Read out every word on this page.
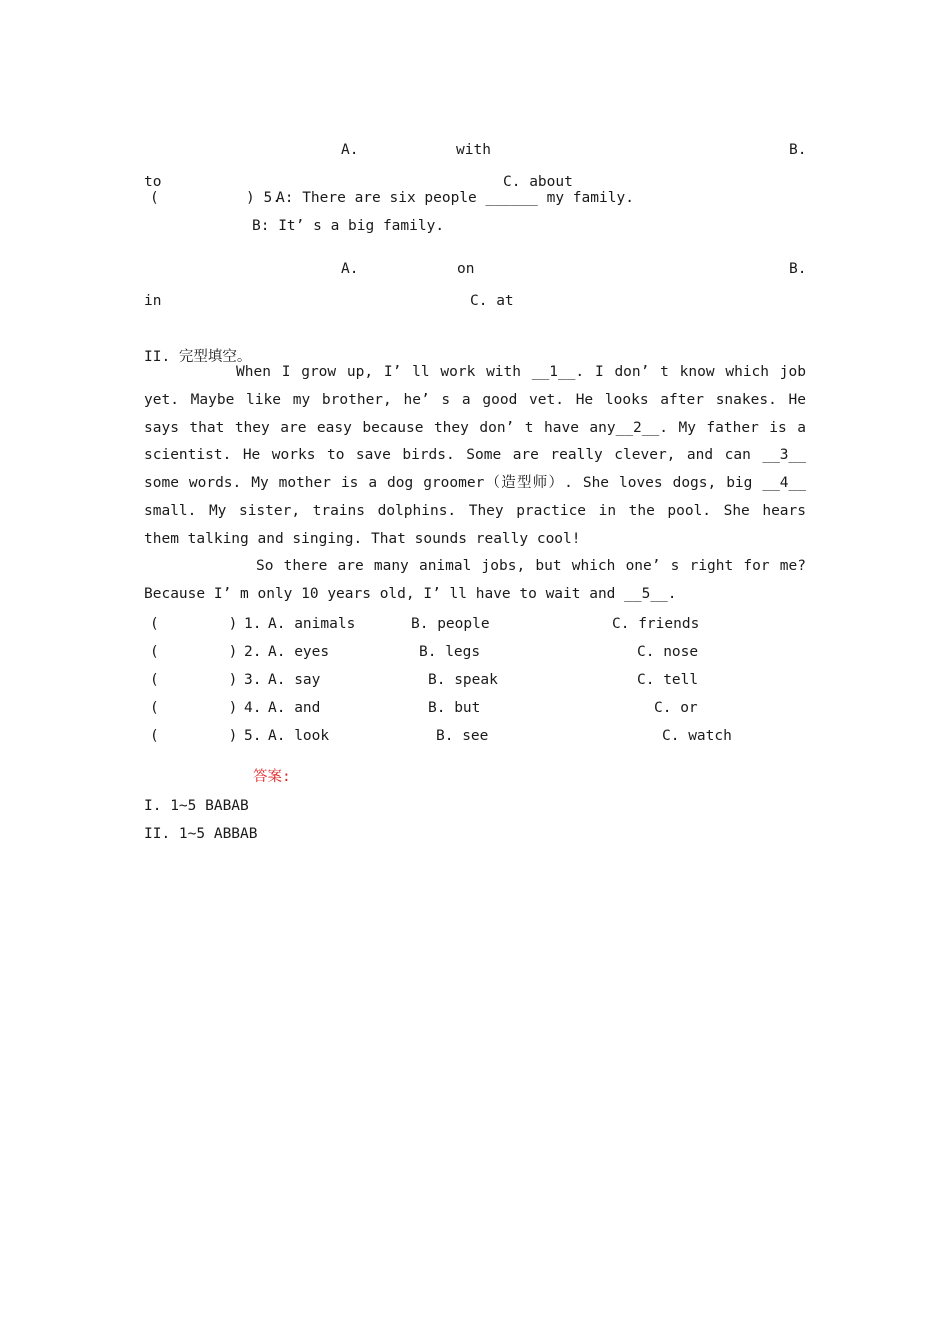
A.	with	B.
to	C. about
(          ) 5.
A: There are six people ______ my family.
B: It’ s a big family.
A.	on	B.
in	C. at
II. 完型填空。
When I grow up, I’ ll work with __1__. I don’ t know which job yet. Maybe like my brother, he’ s a good vet. He looks after snakes. He says that they are easy because they don’ t have any__2__. My father is a scientist. He works to save birds. Some are really clever, and can __3__ some words. My mother is a dog groomer（造型师）. She loves dogs, big __4__ small. My sister, trains dolphins. They practice in the pool. She hears them talking and singing. That sounds really cool!
So there are many animal jobs, but which one’ s right for me? Because I’ m only 10 years old, I’ ll have to wait and __5__.
(        ) 1. A. animals	B. people	C. friends
(        ) 2. A. eyes	B. legs	C. nose
(        ) 3. A. say	B. speak	C. tell
(        ) 4. A. and	B. but	C. or
(        ) 5. A. look	B. see	C. watch
答案:
I. 1~5 BABAB
II. 1~5 ABBAB
